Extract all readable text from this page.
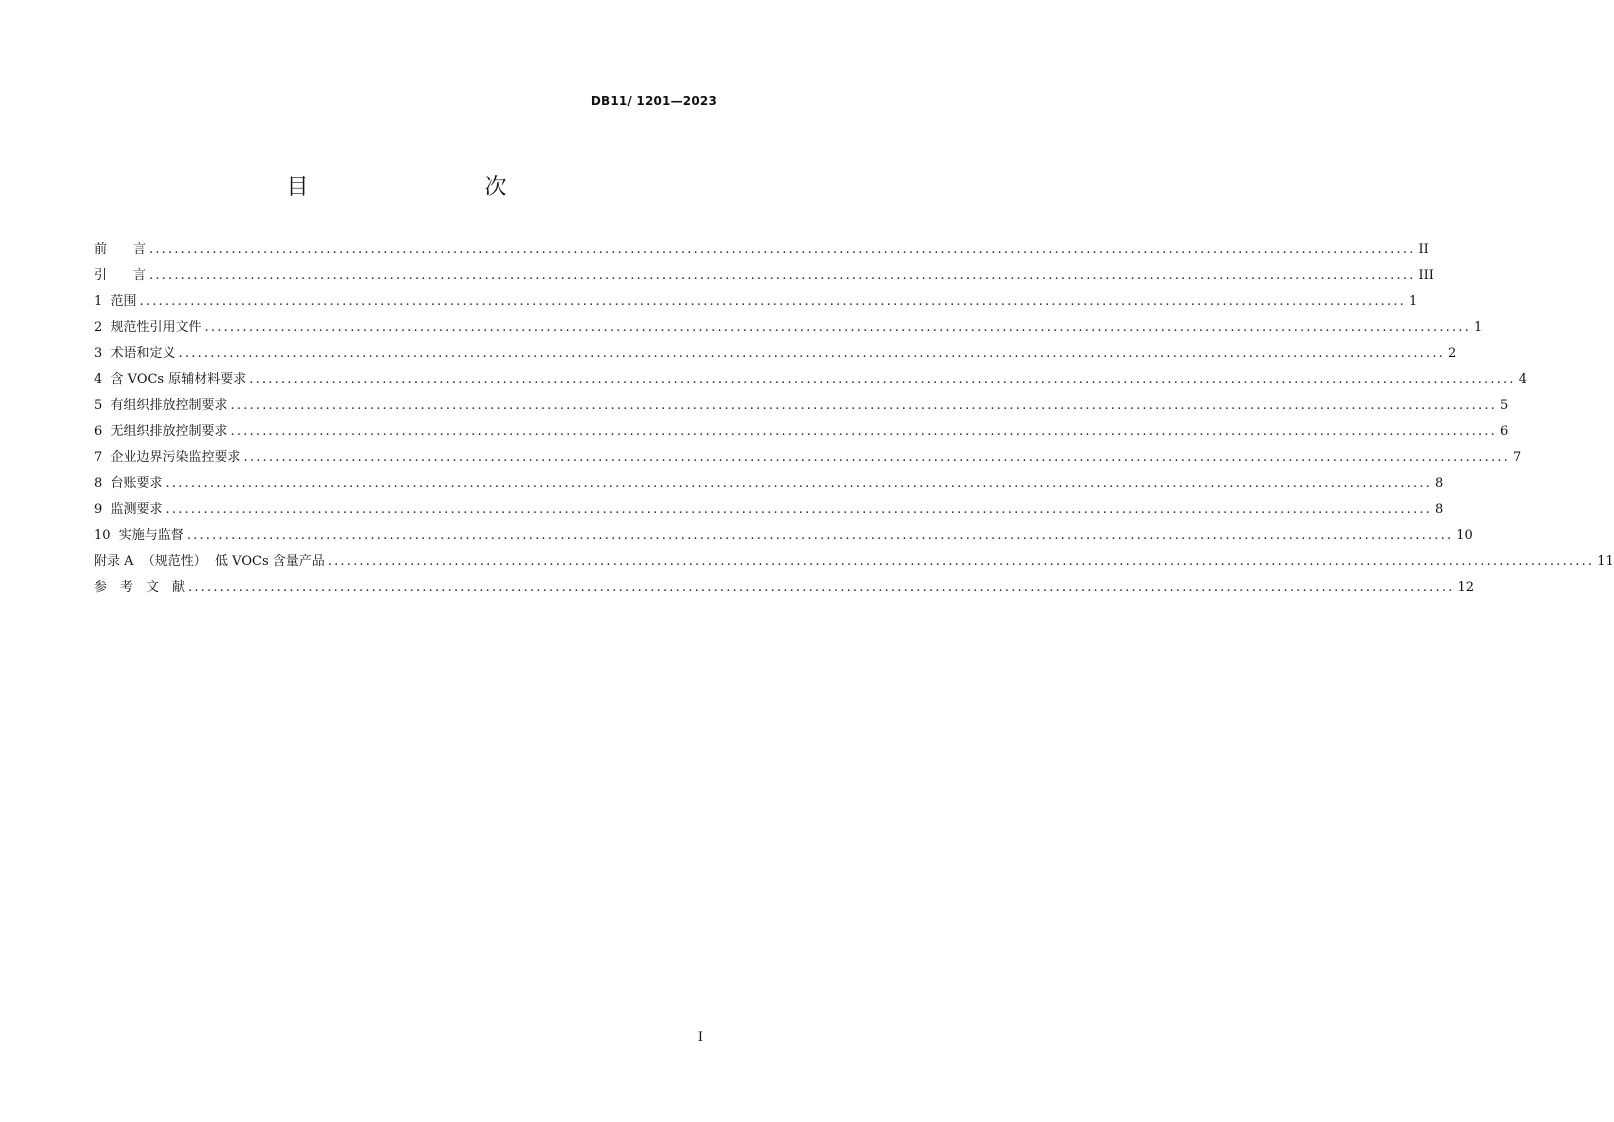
DB11/ 1201—2023
目　　次
前　　言 ........................................................................................................................................................................................................ II
引　　言 ........................................................................................................................................................................................................ III
1  范围 ........................................................................................................................................................................................................ 1
2  规范性引用文件 ........................................................................................................................................................................................................ 1
3  术语和定义 ........................................................................................................................................................................................................ 2
4  含 VOCs 原辅材料要求 ........................................................................................................................................................................................................ 4
5  有组织排放控制要求 ........................................................................................................................................................................................................ 5
6  无组织排放控制要求 ........................................................................................................................................................................................................ 6
7  企业边界污染监控要求 ........................................................................................................................................................................................................ 7
8  台账要求 ........................................................................................................................................................................................................ 8
9  监测要求 ........................................................................................................................................................................................................ 8
10  实施与监督 ........................................................................................................................................................................................................ 10
附录 A  （规范性）  低 VOCs 含量产品 ........................................................................................................................................................................................................ 11
参　考　文　献 ........................................................................................................................................................................................................ 12
I
